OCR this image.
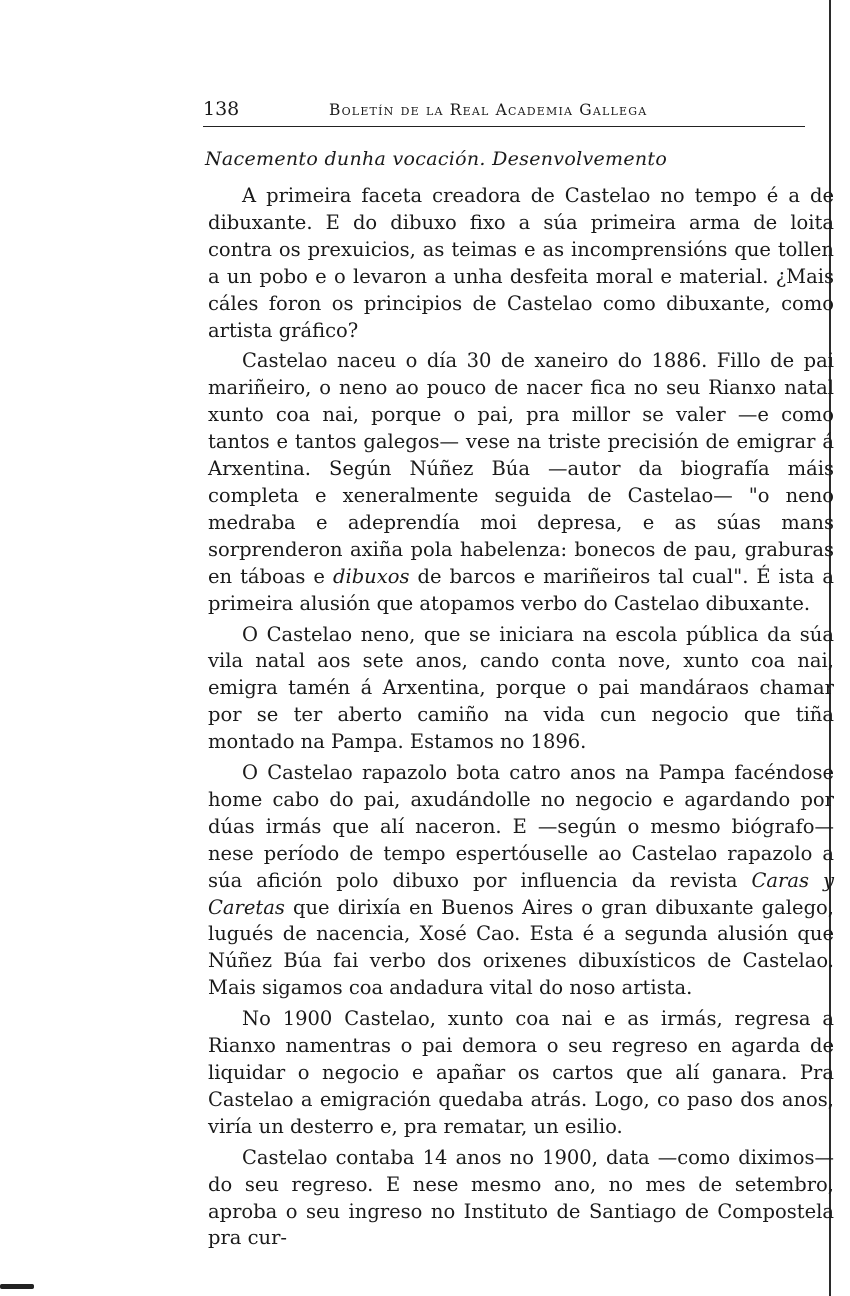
138	Boletín de la Real Academia Gallega
Nacemento dunha vocación. Desenvolvemento

A primeira faceta creadora de Castelao no tempo é a de dibuxante. E do dibuxo fixo a súa primeira arma de loita contra os prexuicios, as teimas e as incomprensións que tollen a un pobo e o levaron a unha desfeita moral e material. ¿Mais cáles foron os principios de Castelao como dibuxante, como artista gráfico?

Castelao naceu o día 30 de xaneiro do 1886. Fillo de pai mariñeiro, o neno ao pouco de nacer fica no seu Rianxo natal xunto coa nai, porque o pai, pra millor se valer —e como tantos e tantos galegos— vese na triste precisión de emigrar á Arxentina. Según Núñez Búa —autor da biografía máis completa e xeneralmente seguida de Castelao— "o neno medraba e adeprendía moi depresa, e as súas mans sorprenderon axiña pola habelenza: bonecos de pau, graburas en táboas e dibuxos de barcos e mariñeiros tal cual". É ista a primeira alusión que atopamos verbo do Castelao dibuxante.

O Castelao neno, que se iniciara na escola pública da súa vila natal aos sete anos, cando conta nove, xunto coa nai, emigra tamén á Arxentina, porque o pai mandáraos chamar por se ter aberto camiño na vida cun negocio que tiña montado na Pampa. Estamos no 1896.

O Castelao rapazolo bota catro anos na Pampa facéndose home cabo do pai, axudándolle no negocio e agardando por dúas irmás que alí naceron. E —según o mesmo biógrafo— nese período de tempo espertóuselle ao Castelao rapazolo a súa afición polo dibuxo por influencia da revista Caras y Caretas que dirixía en Buenos Aires o gran dibuxante galego, lugués de nacencia, Xosé Cao. Esta é a segunda alusión que Núñez Búa fai verbo dos orixenes dibuxísticos de Castelao. Mais sigamos coa andadura vital do noso artista.

No 1900 Castelao, xunto coa nai e as irmás, regresa a Rianxo namentras o pai demora o seu regreso en agarda de liquidar o negocio e apañar os cartos que alí ganara. Pra Castelao a emigración quedaba atrás. Logo, co paso dos anos, viría un desterro e, pra rematar, un esilio.

Castelao contaba 14 anos no 1900, data —como diximos— do seu regreso. E nese mesmo ano, no mes de setembro, aproba o seu ingreso no Instituto de Santiago de Compostela pra cur-
